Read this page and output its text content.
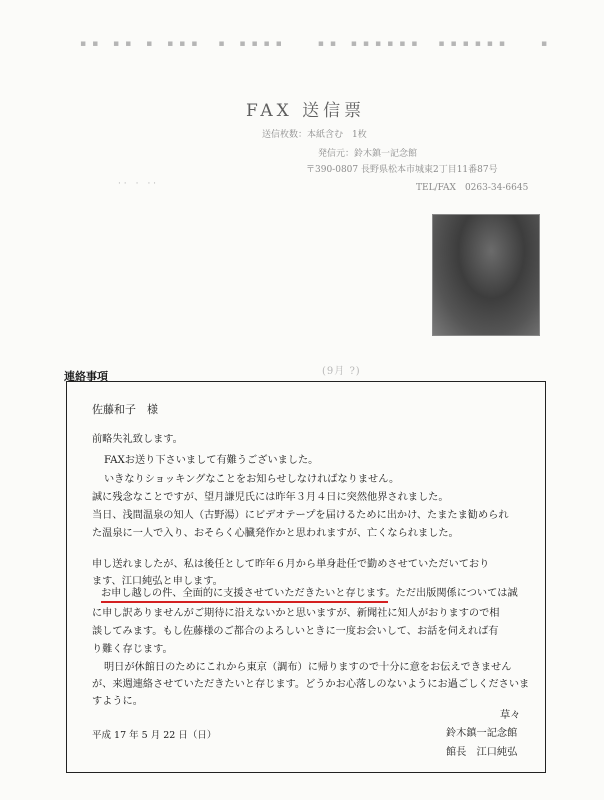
▪▪ ▪▪ ▪ ▪▪▪　▪ ▪▪▪▪　　▪▪ ▪▪▪▪▪▪　▪▪▪▪▪▪　　▪
FAX 送信票
送信枚数：本紙含む　1枚
発信元：鈴木鎮一記念館
〒390-0807 長野県松本市城東2丁目11番87号
TEL/FAX　0263-34-6645
· ·　·　· ·
(9月 ?)
連絡事項
佐藤和子　様
前略失礼致します。
FAXお送り下さいまして有難うございました。
いきなりショッキングなことをお知らせしなければなりません。
誠に残念なことですが、望月謙児氏には昨年３月４日に突然他界されました。
当日、浅間温泉の知人（古野湯）にビデオテープを届けるために出かけ、たまたま勧められ
た温泉に一人で入り、おそらく心臓発作かと思われますが、亡くなられました。
申し送れましたが、私は後任として昨年６月から単身赴任で勤めさせていただいており
ます、江口純弘と申します。
お申し越しの件、全面的に支援させていただきたいと存じます。ただ出版関係については誠
に申し訳ありませんがご期待に沿えないかと思いますが、新聞社に知人がおりますので相
談してみます。もし佐藤様のご都合のよろしいときに一度お会いして、お話を伺えれば有
り難く存じます。
明日が休館日のためにこれから東京（調布）に帰りますので十分に意をお伝えできません
が、来週連絡させていただきたいと存じます。どうかお心落しのないようにお過ごしくださいま
すように。
草々
平成 17 年 5 月 22 日（日）	鈴木鎮一記念館
館長　江口純弘
